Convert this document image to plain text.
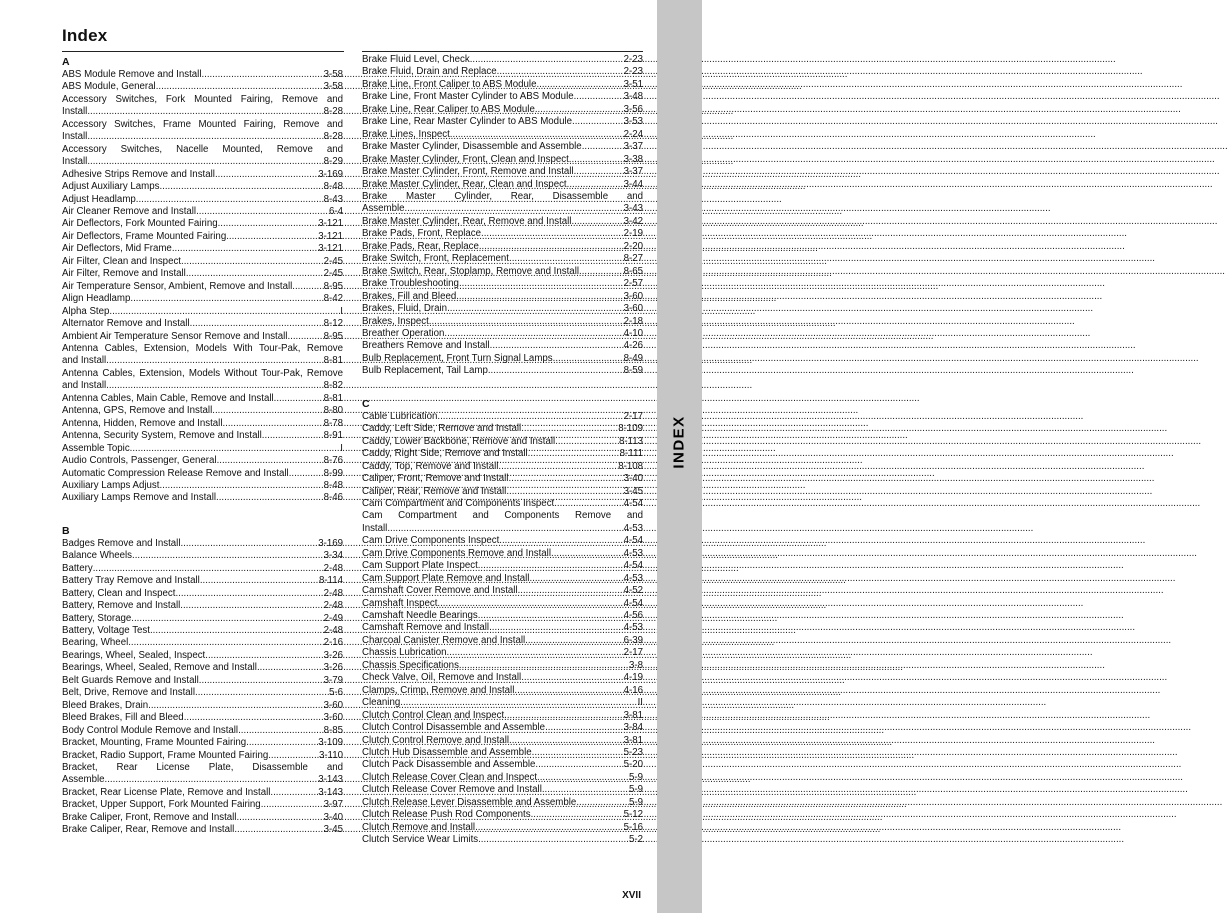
Index
A
ABS Module Remove and Install .....	3-58
ABS Module, General .....	3-58
Accessory Switches, Fork Mounted Fairing, Remove and
Install .....	8-28
Accessory Switches, Frame Mounted Fairing, Remove and
Install .....	8-28
Accessory Switches, Nacelle Mounted, Remove and
Install .....	8-29
Adhesive Strips Remove and Install .....	3-169
Adjust Auxiliary Lamps .....	8-48
Adjust Headlamp .....	8-43
Air Cleaner Remove and Install .....	6-4
Air Deflectors, Fork Mounted Fairing .....	3-121
Air Deflectors, Frame Mounted Fairing .....	3-121
Air Deflectors, Mid Frame .....	3-121
Air Filter, Clean and Inspect .....	2-45
Air Filter, Remove and Install .....	2-45
Air Temperature Sensor, Ambient, Remove and Install .....	8-95
Align Headlamp .....	8-42
Alpha Step .....	I
Alternator Remove and Install .....	8-12
Ambient Air Temperature Sensor Remove and Install .....	8-95
Antenna Cables, Extension, Models With Tour-Pak, Remove
and Install .....	8-81
Antenna Cables, Extension, Models Without Tour-Pak, Remove
and Install .....	8-82
Antenna Cables, Main Cable, Remove and Install .....	8-81
Antenna, GPS, Remove and Install .....	8-80
Antenna, Hidden, Remove and Install .....	8-78
Antenna, Security System, Remove and Install .....	8-91
Assemble Topic .....	I
Audio Controls, Passenger, General .....	8-76
Automatic Compression Release Remove and Install .....	8-99
Auxiliary Lamps Adjust .....	8-48
Auxiliary Lamps Remove and Install .....	8-46
B
Badges Remove and Install .....	3-169
Balance Wheels .....	3-34
Battery .....	2-48
Battery Tray Remove and Install .....	8-114
Battery, Clean and Inspect .....	2-48
Battery, Remove and Install .....	2-48
Battery, Storage .....	2-49
Battery, Voltage Test .....	2-48
Bearing, Wheel .....	2-16
Bearings, Wheel, Sealed, Inspect .....	3-26
Bearings, Wheel, Sealed, Remove and Install .....	3-26
Belt Guards Remove and Install .....	3-79
Belt, Drive, Remove and Install .....	5-6
Bleed Brakes, Drain .....	3-60
Bleed Brakes, Fill and Bleed .....	3-60
Body Control Module Remove and Install .....	8-85
Bracket, Mounting, Frame Mounted Fairing .....	3-109
Bracket, Radio Support, Frame Mounted Fairing .....	3-110
Bracket, Rear License Plate, Disassemble and
Assemble .....	3-143
Bracket, Rear License Plate, Remove and Install .....	3-143
Bracket, Upper Support, Fork Mounted Fairing .....	3-97
Brake Caliper, Front, Remove and Install .....	3-40
Brake Caliper, Rear, Remove and Install .....	3-45
Brake Fluid Level, Check .....	2-23
Brake Fluid, Drain and Replace .....	2-23
Brake Line, Front Caliper to ABS Module .....	3-51
Brake Line, Front Master Cylinder to ABS Module .....	3-48
Brake Line, Rear Caliper to ABS Module .....	3-56
Brake Line, Rear Master Cylinder to ABS Module .....	3-53
Brake Lines, Inspect .....	2-24
Brake Master Cylinder, Disassemble and Assemble .....	3-37
Brake Master Cylinder, Front, Clean and Inspect .....	3-38
Brake Master Cylinder, Front, Remove and Install .....	3-37
Brake Master Cylinder, Rear, Clean and Inspect .....	3-44
Brake Master Cylinder, Rear, Disassemble and
Assemble .....	3-43
Brake Master Cylinder, Rear, Remove and Install .....	3-42
Brake Pads, Front, Replace .....	2-19
Brake Pads, Rear, Replace .....	2-20
Brake Switch, Front, Replacement .....	8-27
Brake Switch, Rear, Stoplamp, Remove and Install .....	8-65
Brake Troubleshooting .....	2-57
Brakes, Fill and Bleed .....	3-60
Brakes, Fluid, Drain .....	3-60
Brakes, Inspect .....	2-18
Breather Operation .....	4-10
Breathers Remove and Install .....	4-26
Bulb Replacement, Front Turn Signal Lamps .....	8-49
Bulb Replacement, Tail Lamp .....	8-59
C
Cable Lubrication .....	2-17
Caddy, Left Side, Remove and Install .....	8-109
Caddy, Lower Backbone, Remove and Install .....	8-113
Caddy, Right Side, Remove and Install .....	8-111
Caddy, Top, Remove and Install .....	8-108
Caliper, Front, Remove and Install .....	3-40
Caliper, Rear, Remove and Install .....	3-45
Cam Compartment and Components Inspect .....	4-54
Cam Compartment and Components Remove and
Install .....	4-53
Cam Drive Components Inspect .....	4-54
Cam Drive Components Remove and Install .....	4-53
Cam Support Plate Inspect .....	4-54
Cam Support Plate Remove and Install .....	4-53
Camshaft Cover Remove and Install .....	4-52
Camshaft Inspect .....	4-54
Camshaft Needle Bearings .....	4-56
Camshaft Remove and Install .....	4-53
Charcoal Canister Remove and Install .....	6-39
Chassis Lubrication .....	2-17
Chassis Specifications .....	3-8
Check Valve, Oil, Remove and Install .....	4-19
Clamps, Crimp, Remove and Install .....	4-16
Cleaning .....	II
Clutch Control Clean and Inspect .....	3-81
Clutch Control Disassemble and Assemble .....	3-84
Clutch Control Remove and Install .....	3-81
Clutch Hub Disassemble and Assemble .....	5-23
Clutch Pack Disassemble and Assemble .....	5-20
Clutch Release Cover Clean and Inspect .....	5-9
Clutch Release Cover Remove and Install .....	5-9
Clutch Release Lever Disassemble and Assemble .....	5-9
Clutch Release Push Rod Components .....	5-12
Clutch Remove and Install .....	5-16
Clutch Service Wear Limits .....	5-2
INDEX
XVII
